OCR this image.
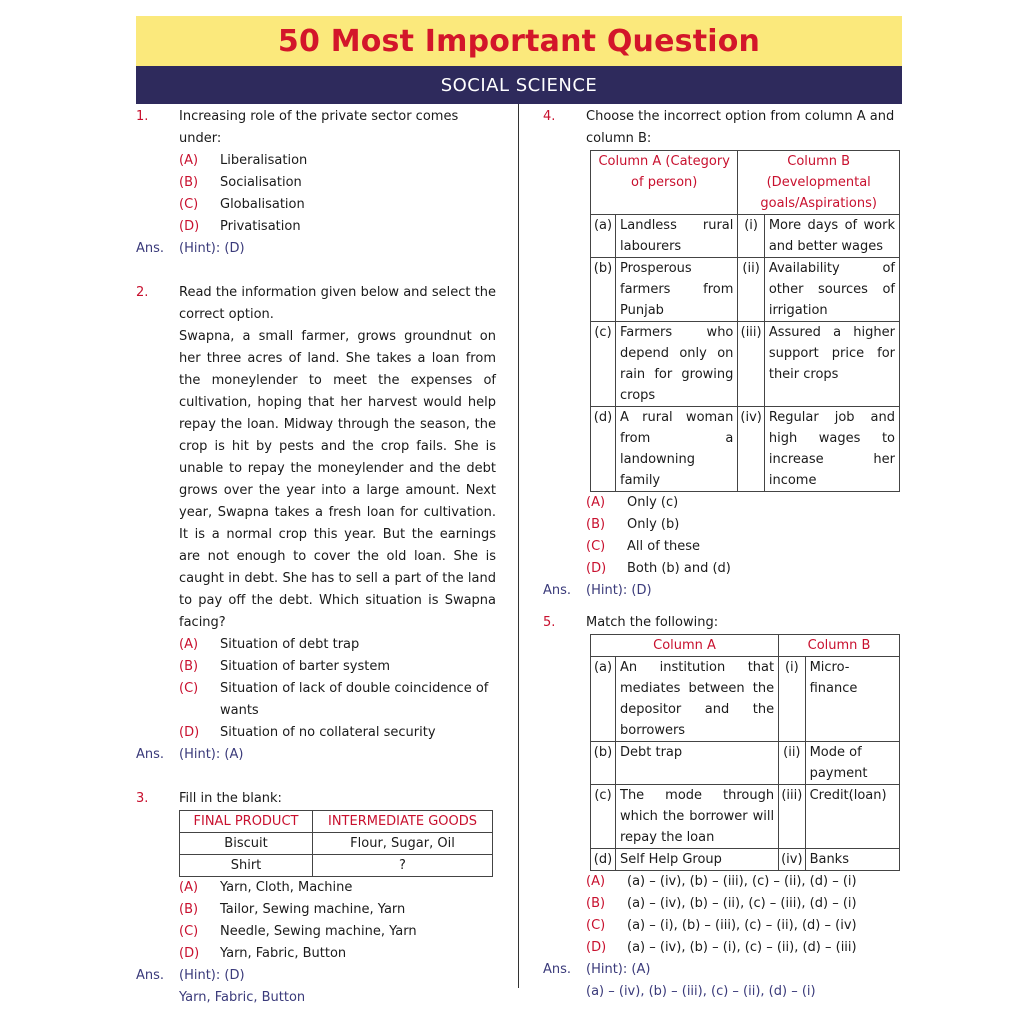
50 Most Important Question
SOCIAL SCIENCE
1.	Increasing role of the private sector comes under:
(A)	Liberalisation
(B)	Socialisation
(C)	Globalisation
(D)	Privatisation
Ans.	(Hint): (D)
2.	Read the information given below and select the correct option.
Swapna, a small farmer, grows groundnut on her three acres of land. She takes a loan from the moneylender to meet the expenses of cultivation, hoping that her harvest would help repay the loan. Midway through the season, the crop is hit by pests and the crop fails. She is unable to repay the moneylender and the debt grows over the year into a large amount. Next year, Swapna takes a fresh loan for cultivation. It is a normal crop this year. But the earnings are not enough to cover the old loan. She is caught in debt. She has to sell a part of the land to pay off the debt. Which situation is Swapna facing?
(A)	Situation of debt trap
(B)	Situation of barter system
(C)	Situation of lack of double coincidence of wants
(D)	Situation of no collateral security
Ans.	(Hint): (A)
3.	Fill in the blank:
FINAL PRODUCT	INTERMEDIATE GOODS
Biscuit	Flour, Sugar, Oil
Shirt	?
(A)	Yarn, Cloth, Machine
(B)	Tailor, Sewing machine, Yarn
(C)	Needle, Sewing machine, Yarn
(D)	Yarn, Fabric, Button
Ans.	(Hint): (D)
Yarn, Fabric, Button
4.	Choose the incorrect option from column A and column B:
Column A (Category of person)		Column B (Developmental goals/Aspirations)	
(a)	Landless rural labourers	(i)	More days of work and better wages
(b)	Prosperous farmers from Punjab	(ii)	Availability of other sources of irrigation
(c)	Farmers who depend only on rain for growing crops	(iii)	Assured a higher support price for their crops
(d)	A rural woman from a landowning family	(iv)	Regular job and high wages to increase her income
(A)	Only (c)
(B)	Only (b)
(C)	All of these
(D)	Both (b) and (d)
Ans.	(Hint): (D)
5.	Match the following:
Column A		Column B	
(a)	An institution that mediates between the depositor and the borrowers	(i)	Micro-finance
(b)	Debt trap	(ii)	Mode of payment
(c)	The mode through which the borrower will repay the loan	(iii)	Credit(loan)
(d)	Self Help Group	(iv)	Banks
(A)	(a) – (iv), (b) – (iii), (c) – (ii), (d) – (i)
(B)	(a) – (iv), (b) – (ii), (c) – (iii), (d) – (i)
(C)	(a) – (i), (b) – (iii), (c) – (ii), (d) – (iv)
(D)	(a) – (iv), (b) – (i), (c) – (ii), (d) – (iii)
Ans.	(Hint): (A)
(a) – (iv), (b) – (iii), (c) – (ii), (d) – (i)
